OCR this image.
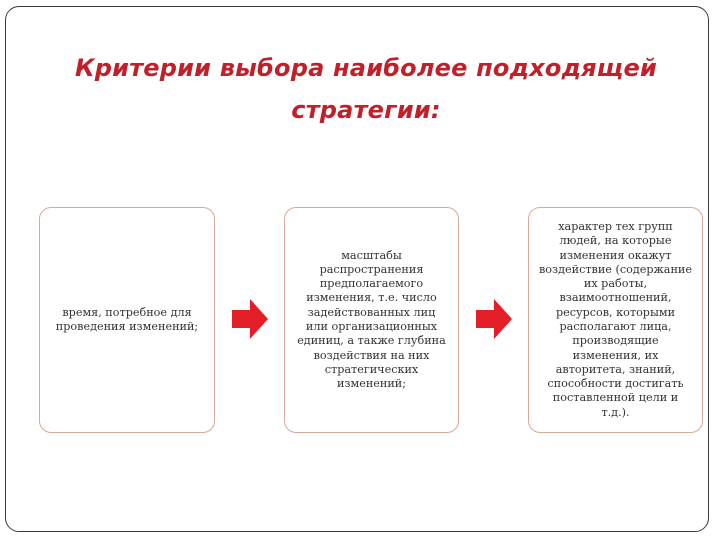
Критерии выбора наиболее подходящей стратегии:
время, потребное для проведения изменений;
масштабы распространения предполагаемого изменения, т.е. число задействованных лиц или организационных единиц, а также глубина воздействия на них стратегических изменений;
характер тех групп людей, на которые изменения окажут воздействие (содержание их работы, взаимоотношений, ресурсов, которыми располагают лица, производящие изменения, их авторитета, знаний, способности достигать поставленной цели и т.д.).
